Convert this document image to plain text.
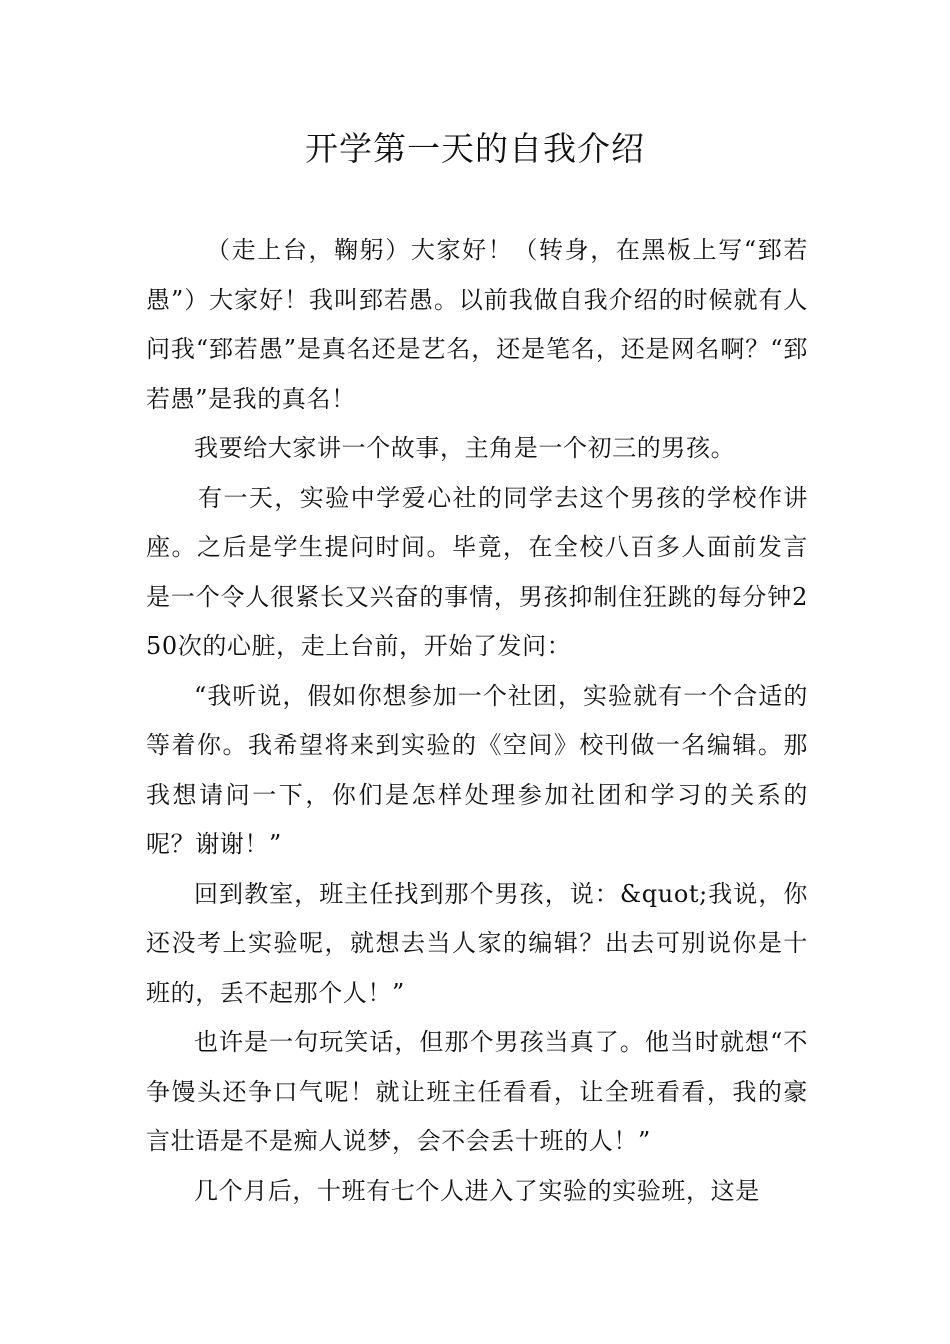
开学第一天的自我介绍

（走上台，鞠躬）大家好！（转身，在黑板上写“郅若愚”）大家好！我叫郅若愚。以前我做自我介绍的时候就有人问我“郅若愚”是真名还是艺名，还是笔名，还是网名啊？“郅若愚”是我的真名！

我要给大家讲一个故事，主角是一个初三的男孩。

有一天，实验中学爱心社的同学去这个男孩的学校作讲座。之后是学生提问时间。毕竟，在全校八百多人面前发言是一个令人很紧长又兴奋的事情，男孩抑制住狂跳的每分钟250次的心脏，走上台前，开始了发问：

“我听说，假如你想参加一个社团，实验就有一个合适的等着你。我希望将来到实验的《空间》校刊做一名编辑。那我想请问一下，你们是怎样处理参加社团和学习的关系的呢？谢谢！”

回到教室，班主任找到那个男孩，说：&quot;我说，你还没考上实验呢，就想去当人家的编辑？出去可别说你是十班的，丢不起那个人！”

也许是一句玩笑话，但那个男孩当真了。他当时就想“不争馒头还争口气呢！就让班主任看看，让全班看看，我的豪言壮语是不是痴人说梦，会不会丢十班的人！”

几个月后，十班有七个人进入了实验的实验班，这是
